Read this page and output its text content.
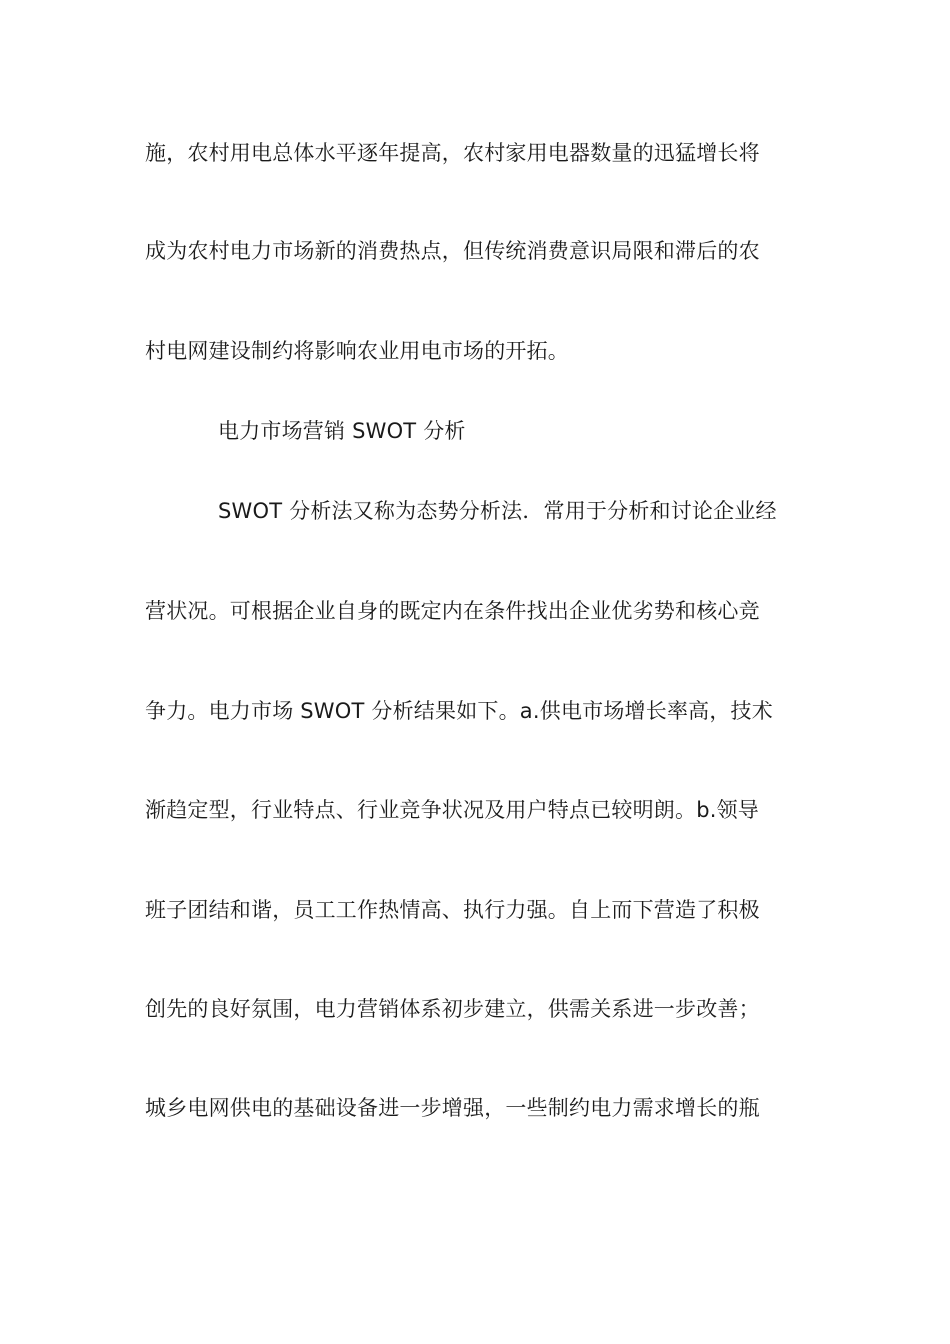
施，农村用电总体水平逐年提高，农村家用电器数量的迅猛增长将
成为农村电力市场新的消费热点，但传统消费意识局限和滞后的农
村电网建设制约将影响农业用电市场的开拓。
电力市场营销 SWOT 分析
SWOT 分析法又称为态势分析法．常用于分析和讨论企业经
营状况。可根据企业自身的既定内在条件找出企业优劣势和核心竞
争力。电力市场 SWOT 分析结果如下。a.供电市场增长率高，技术
渐趋定型，行业特点、行业竞争状况及用户特点已较明朗。b.领导
班子团结和谐，员工工作热情高、执行力强。自上而下营造了积极
创先的良好氛围，电力营销体系初步建立，供需关系进一步改善；
城乡电网供电的基础设备进一步增强，一些制约电力需求增长的瓶
